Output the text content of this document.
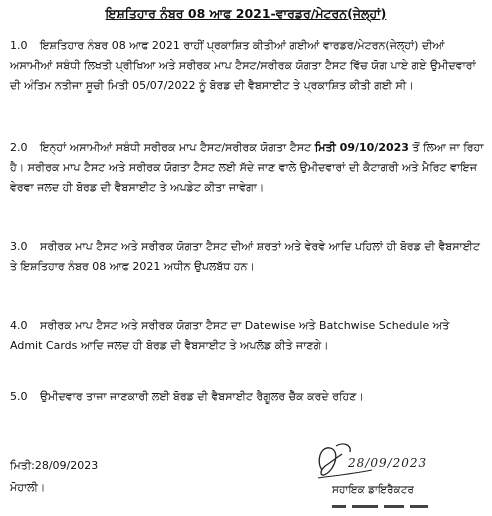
ਇਸ਼ਤਿਹਾਰ ਨੰਬਰ 08 ਆਫ 2021-ਵਾਰਡਰ/ਮੇਟਰਨ(ਜੇਲ੍ਹਾਂ)
1.0 ਇਸ਼ਤਿਹਾਰ ਨੰਬਰ 08 ਆਫ 2021 ਰਾਹੀਂ ਪ੍ਰਕਾਸ਼ਿਤ ਕੀਤੀਆਂ ਗਈਆਂ ਵਾਰਡਰ/ਮੇਟਰਨ(ਜੇਲ੍ਹਾਂ) ਦੀਆਂ ਅਸਾਮੀਆਂ ਸਬੰਧੀ ਲਿਖਤੀ ਪ੍ਰੀਖਿਆ ਅਤੇ ਸਰੀਰਕ ਮਾਪ ਟੈਸਟ/ਸਰੀਰਕ ਯੋਗਤਾ ਟੈਸਟ ਵਿੱਚ ਯੋਗ ਪਾਏ ਗਏ ਉਮੀਦਵਾਰਾਂ ਦੀ ਅੰਤਿਮ ਨਤੀਜਾ ਸੂਚੀ ਮਿਤੀ 05/07/2022 ਨੂੰ ਬੋਰਡ ਦੀ ਵੈਬਸਾਈਟ ਤੇ ਪ੍ਰਕਾਸ਼ਿਤ ਕੀਤੀ ਗਈ ਸੀ।
2.0 ਇਨ੍ਹਾਂ ਅਸਾਮੀਆਂ ਸਬੰਧੀ ਸਰੀਰਕ ਮਾਪ ਟੈਸਟ/ਸਰੀਰਕ ਯੋਗਤਾ ਟੈਸਟ ਮਿਤੀ 09/10/2023 ਤੋਂ ਲਿਆ ਜਾ ਰਿਹਾ ਹੈ। ਸਰੀਰਕ ਮਾਪ ਟੈਸਟ ਅਤੇ ਸਰੀਰਕ ਯੋਗਤਾ ਟੈਸਟ ਲਈ ਸੱਦੇ ਜਾਣ ਵਾਲੇ ਉਮੀਦਵਾਰਾਂ ਦੀ ਕੈਟਾਗਰੀ ਅਤੇ ਮੈਰਿਟ ਵਾਇਜ ਵੇਰਵਾ ਜਲਦ ਹੀ ਬੋਰਡ ਦੀ ਵੈਬਸਾਈਟ ਤੇ ਅਪਡੇਟ ਕੀਤਾ ਜਾਵੇਗਾ।
3.0 ਸਰੀਰਕ ਮਾਪ ਟੈਸਟ ਅਤੇ ਸਰੀਰਕ ਯੋਗਤਾ ਟੈਸਟ ਦੀਆਂ ਸ਼ਰਤਾਂ ਅਤੇ ਵੇਰਵੇ ਆਦਿ ਪਹਿਲਾਂ ਹੀ ਬੋਰਡ ਦੀ ਵੈਬਸਾਈਟ ਤੇ ਇਸ਼ਤਿਹਾਰ ਨੰਬਰ 08 ਆਫ 2021 ਅਧੀਨ ਉਪਲਬੱਧ ਹਨ।
4.0 ਸਰੀਰਕ ਮਾਪ ਟੈਸਟ ਅਤੇ ਸਰੀਰਕ ਯੋਗਤਾ ਟੈਸਟ ਦਾ Datewise ਅਤੇ Batchwise Schedule ਅਤੇ Admit Cards ਆਦਿ ਜਲਦ ਹੀ ਬੋਰਡ ਦੀ ਵੈਬਸਾਈਟ ਤੇ ਅਪਲੋਡ ਕੀਤੇ ਜਾਣਗੇ।
5.0 ਉਮੀਦਵਾਰ ਤਾਜਾ ਜਾਣਕਾਰੀ ਲਈ ਬੋਰਡ ਦੀ ਵੈਬਸਾਈਟ ਰੈਗੂਲਰ ਚੈੱਕ ਕਰਦੇ ਰਹਿਣ।
ਮਿਤੀ:28/09/2023
ਮੋਹਾਲੀ।
28/09/2023
ਸਹਾਇਕ ਡਾਇਰੈਕਟਰ
